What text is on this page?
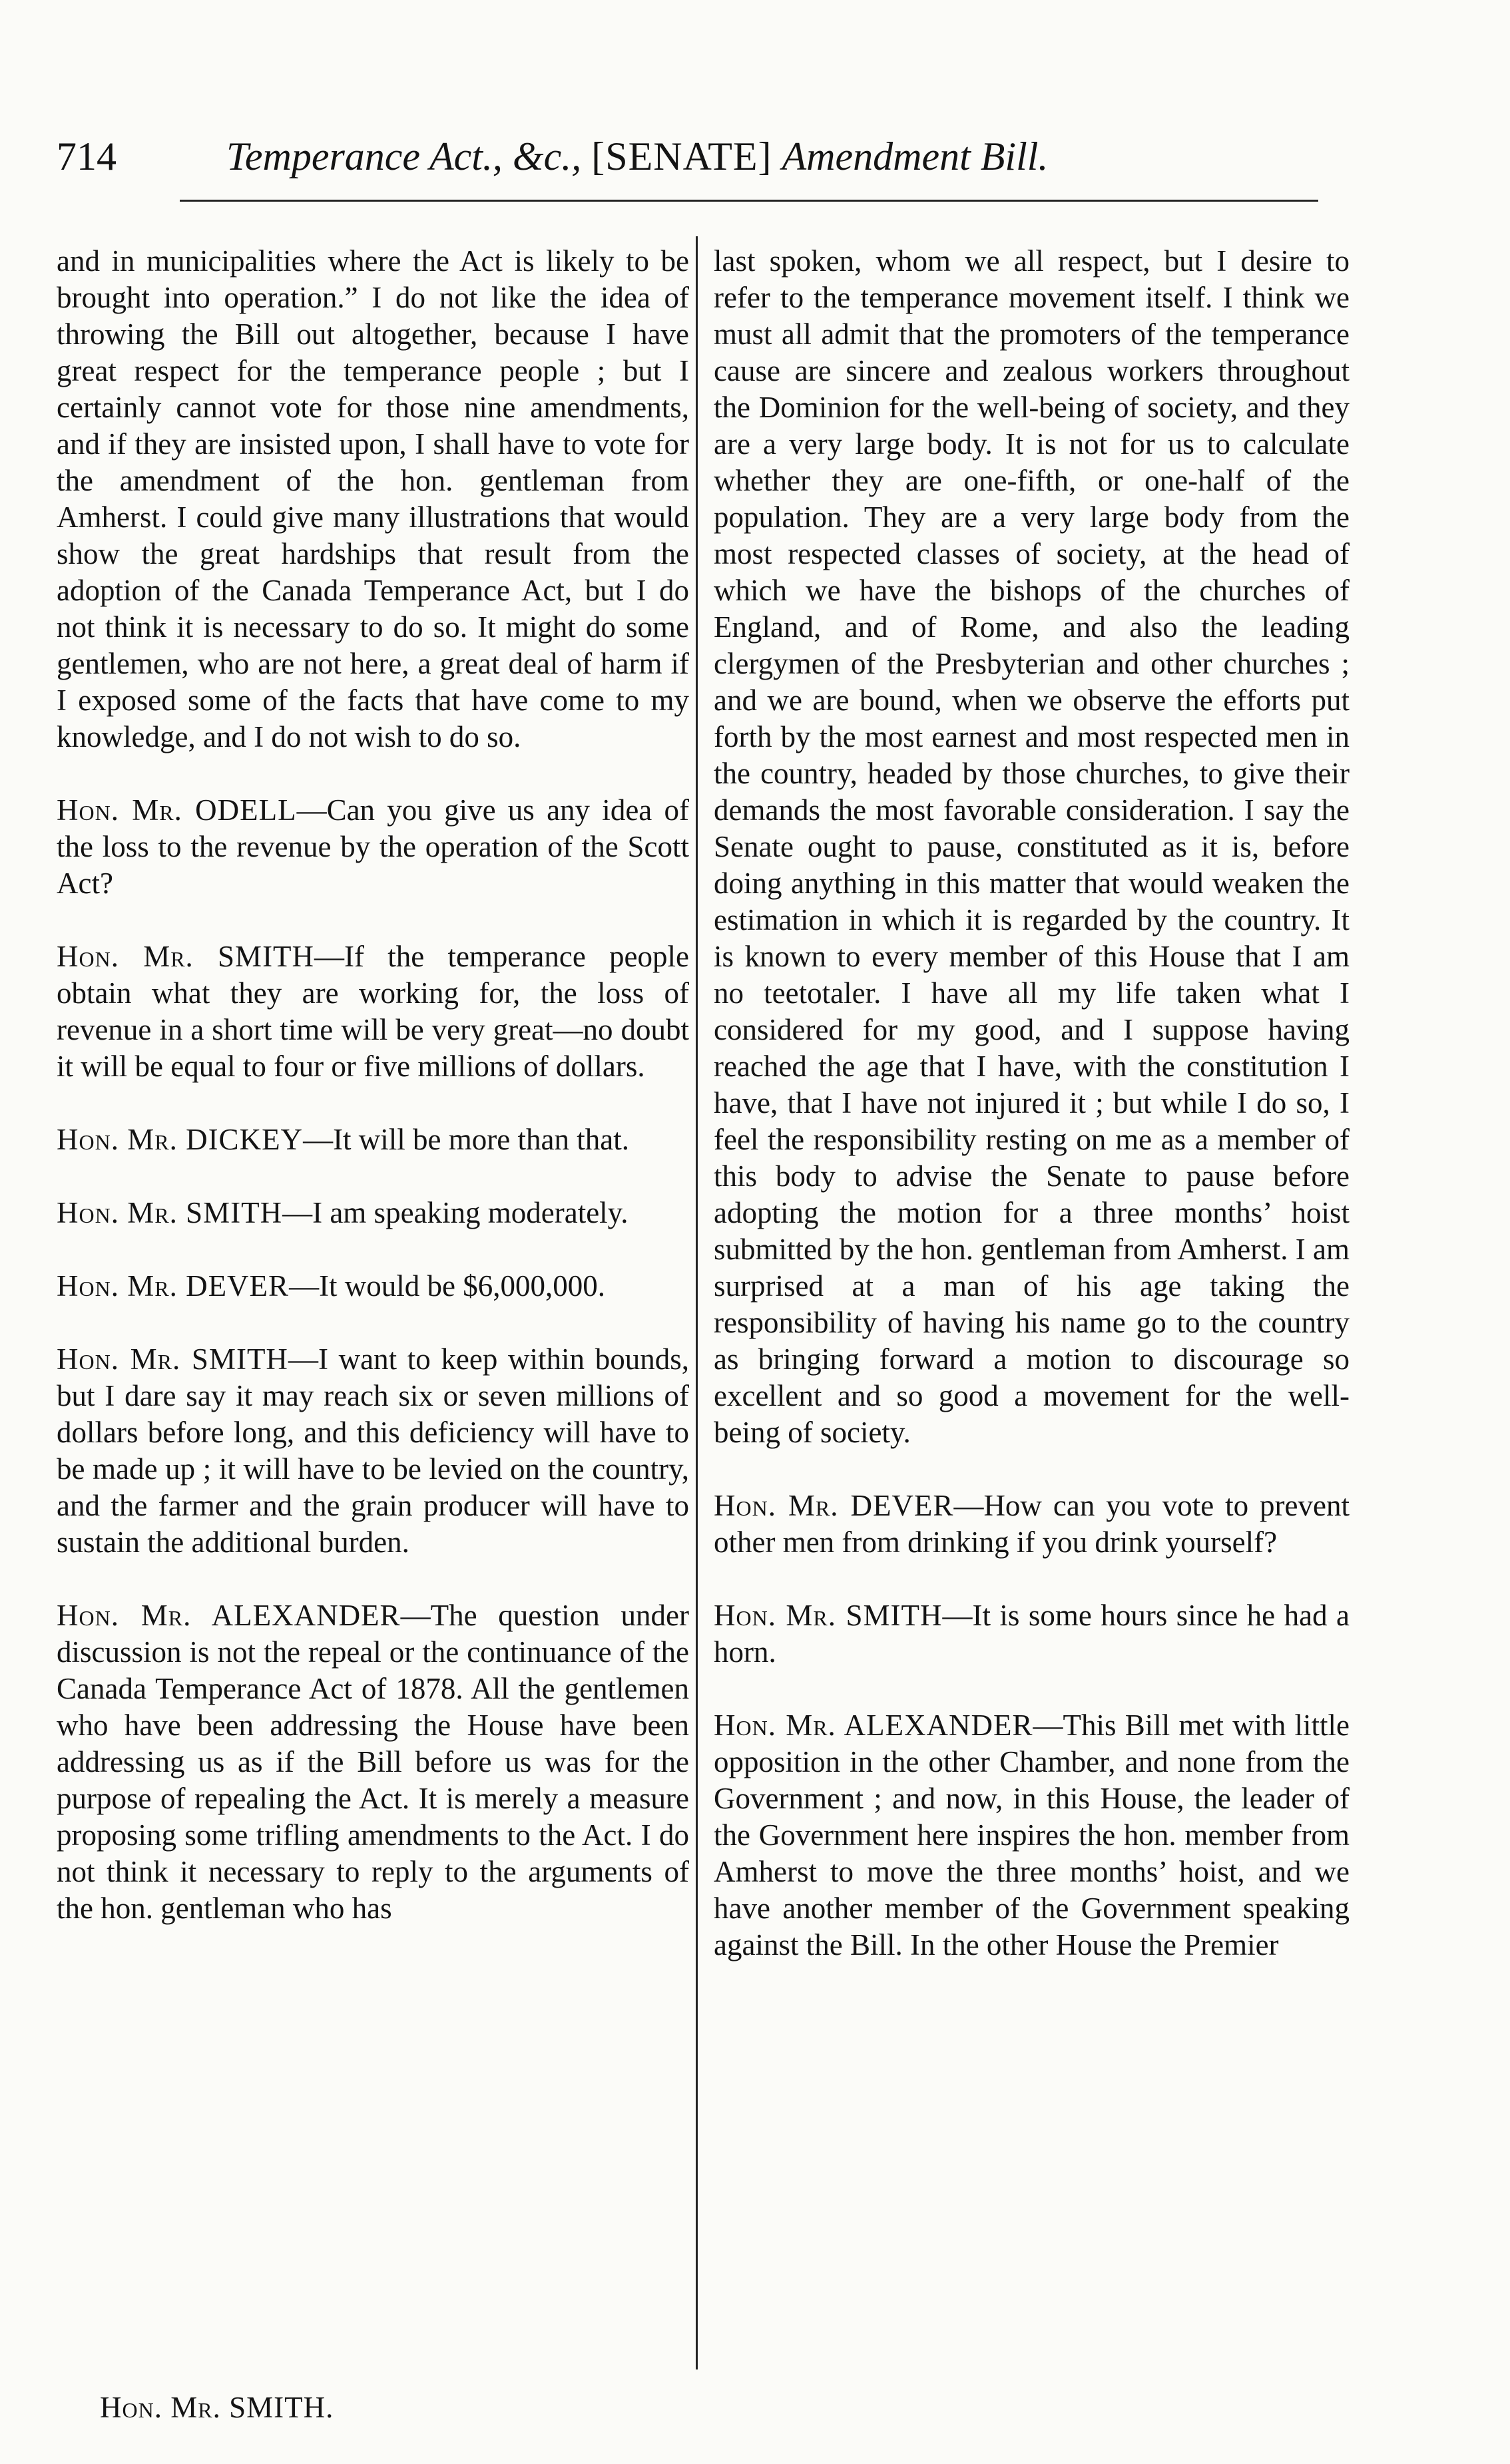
714	Temperance Act., &c., [SENATE] Amendment Bill.

and in municipalities where the Act is likely to be brought into operation.” I do not like the idea of throwing the Bill out altogether, because I have great respect for the temperance people ; but I certainly cannot vote for those nine amendments, and if they are insisted upon, I shall have to vote for the amendment of the hon. gentleman from Amherst. I could give many illustrations that would show the great hardships that result from the adoption of the Canada Temperance Act, but I do not think it is necessary to do so. It might do some gentlemen, who are not here, a great deal of harm if I exposed some of the facts that have come to my knowledge, and I do not wish to do so.

Hon. Mr. ODELL—Can you give us any idea of the loss to the revenue by the operation of the Scott Act?

Hon. Mr. SMITH—If the temperance people obtain what they are working for, the loss of revenue in a short time will be very great—no doubt it will be equal to four or five millions of dollars.

Hon. Mr. DICKEY—It will be more than that.

Hon. Mr. SMITH—I am speaking moderately.

Hon. Mr. DEVER—It would be $6,000,000.

Hon. Mr. SMITH—I want to keep within bounds, but I dare say it may reach six or seven millions of dollars before long, and this deficiency will have to be made up ; it will have to be levied on the country, and the farmer and the grain producer will have to sustain the additional burden.

Hon. Mr. ALEXANDER—The question under discussion is not the repeal or the continuance of the Canada Temperance Act of 1878. All the gentlemen who have been addressing the House have been addressing us as if the Bill before us was for the purpose of repealing the Act. It is merely a measure proposing some trifling amendments to the Act. I do not think it necessary to reply to the arguments of the hon. gentleman who has

last spoken, whom we all respect, but I desire to refer to the temperance movement itself. I think we must all admit that the promoters of the temperance cause are sincere and zealous workers throughout the Dominion for the well-being of society, and they are a very large body. It is not for us to calculate whether they are one-fifth, or one-half of the population. They are a very large body from the most respected classes of society, at the head of which we have the bishops of the churches of England, and of Rome, and also the leading clergymen of the Presbyterian and other churches ; and we are bound, when we observe the efforts put forth by the most earnest and most respected men in the country, headed by those churches, to give their demands the most favorable consideration. I say the Senate ought to pause, constituted as it is, before doing anything in this matter that would weaken the estimation in which it is regarded by the country. It is known to every member of this House that I am no teetotaler. I have all my life taken what I considered for my good, and I suppose having reached the age that I have, with the constitution I have, that I have not injured it ; but while I do so, I feel the responsibility resting on me as a member of this body to advise the Senate to pause before adopting the motion for a three months’ hoist submitted by the hon. gentleman from Amherst. I am surprised at a man of his age taking the responsibility of having his name go to the country as bringing forward a motion to discourage so excellent and so good a movement for the well-being of society.

Hon. Mr. DEVER—How can you vote to prevent other men from drinking if you drink yourself?

Hon. Mr. SMITH—It is some hours since he had a horn.

Hon. Mr. ALEXANDER—This Bill met with little opposition in the other Chamber, and none from the Government ; and now, in this House, the leader of the Government here inspires the hon. member from Amherst to move the three months’ hoist, and we have another member of the Government speaking against the Bill. In the other House the Premier

Hon. Mr. SMITH.
